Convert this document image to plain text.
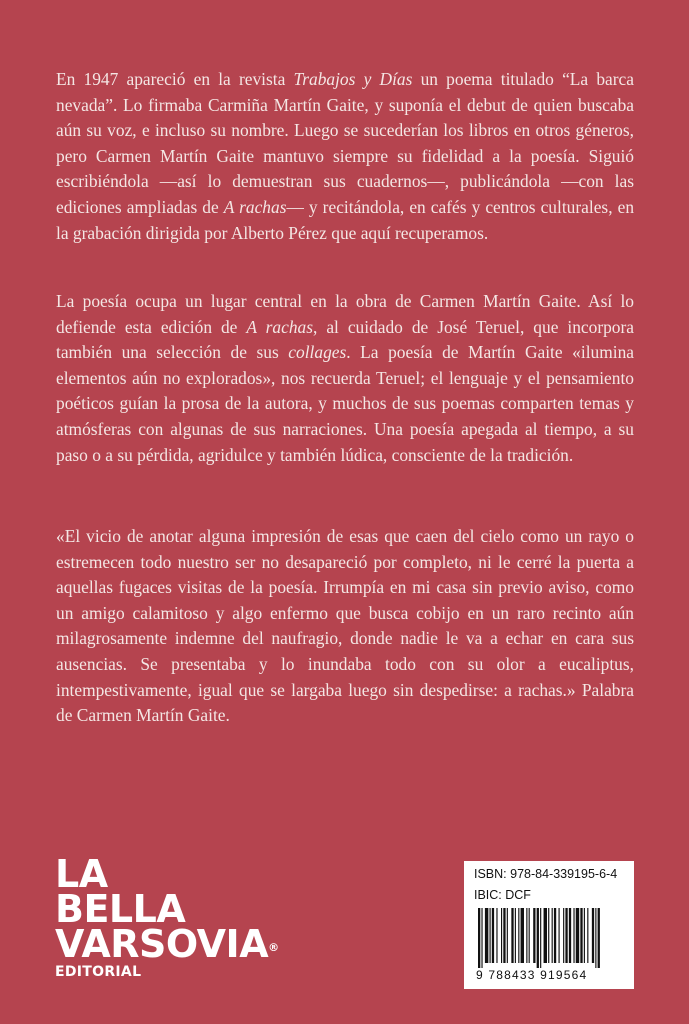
En 1947 apareció en la revista Trabajos y Días un poema titulado “La barca nevada”. Lo firmaba Carmiña Martín Gaite, y suponía el debut de quien buscaba aún su voz, e incluso su nombre. Luego se sucederían los libros en otros géneros, pero Carmen Martín Gaite mantuvo siempre su fidelidad a la poesía. Siguió escribiéndola —así lo demuestran sus cuadernos—, publicándola —con las ediciones ampliadas de A rachas— y recitándola, en cafés y centros culturales, en la grabación dirigida por Alberto Pérez que aquí recuperamos.

La poesía ocupa un lugar central en la obra de Carmen Martín Gaite. Así lo defiende esta edición de A rachas, al cuidado de José Teruel, que incorpora también una selección de sus collages. La poesía de Martín Gaite «ilumina elementos aún no explorados», nos recuerda Teruel; el lenguaje y el pensamiento poéticos guían la prosa de la autora, y muchos de sus poemas comparten temas y atmósferas con algunas de sus narraciones. Una poesía apegada al tiempo, a su paso o a su pérdida, agridulce y también lúdica, consciente de la tradición.

«El vicio de anotar alguna impresión de esas que caen del cielo como un rayo o estremecen todo nuestro ser no desapareció por completo, ni le cerré la puerta a aquellas fugaces visitas de la poesía. Irrumpía en mi casa sin previo aviso, como un amigo calamitoso y algo enfermo que busca cobijo en un raro recinto aún milagrosamente indemne del naufragio, donde nadie le va a echar en cara sus ausencias. Se presentaba y lo inundaba todo con su olor a eucaliptus, intempestivamente, igual que se largaba luego sin despedirse: a rachas.» Palabra de Carmen Martín Gaite.

LA
BELLA
VARSOVIA®
EDITORIAL
ISBN: 978-84-339195-6-4
IBIC: DCF
9 788433 919564
